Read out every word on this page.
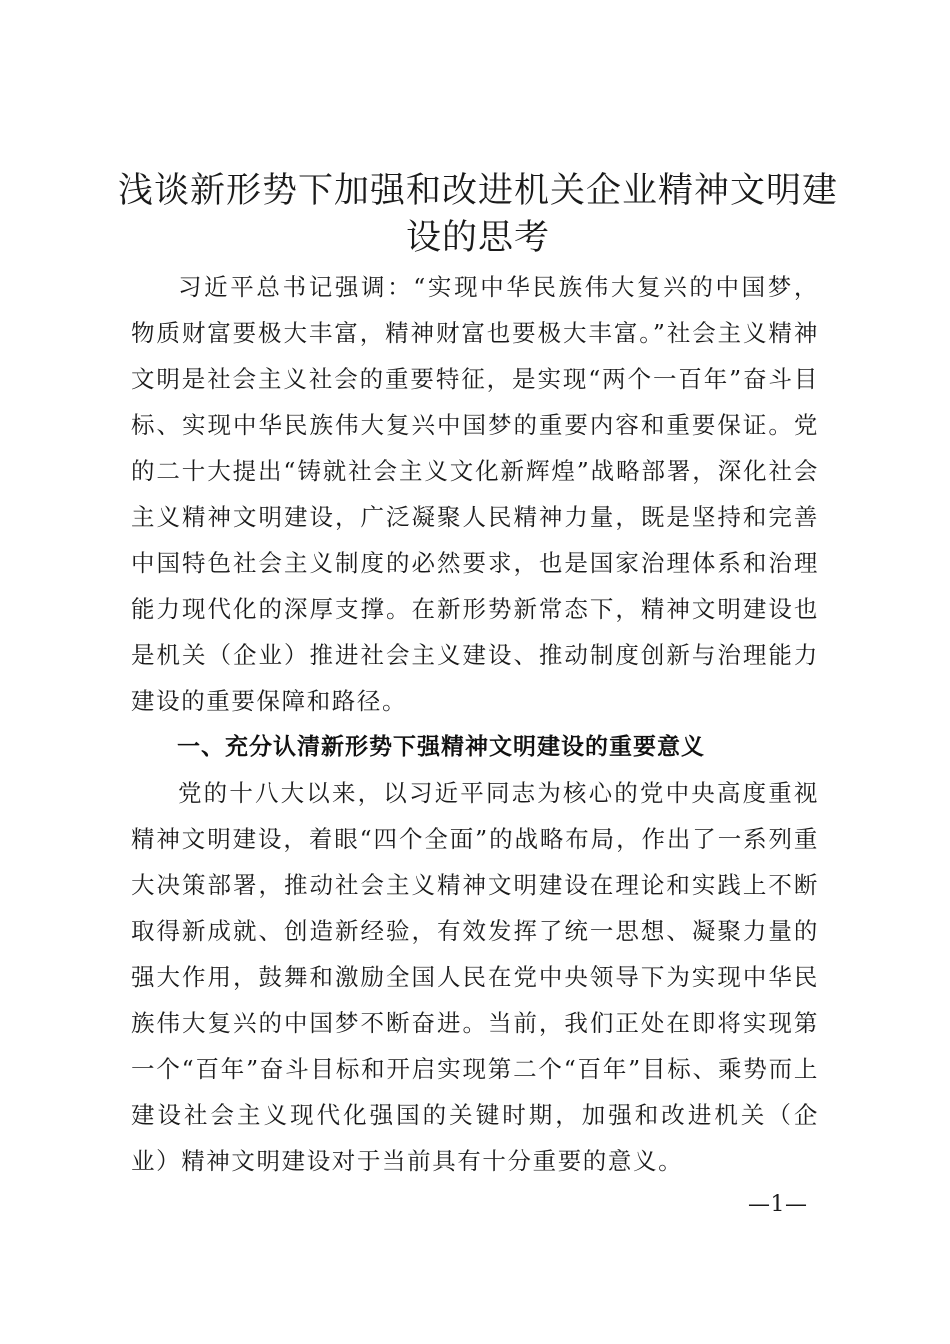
浅谈新形势下加强和改进机关企业精神文明建设的思考

习近平总书记强调：“实现中华民族伟大复兴的中国梦，物质财富要极大丰富，精神财富也要极大丰富。”社会主义精神文明是社会主义社会的重要特征，是实现“两个一百年”奋斗目标、实现中华民族伟大复兴中国梦的重要内容和重要保证。党的二十大提出“铸就社会主义文化新辉煌”战略部署，深化社会主义精神文明建设，广泛凝聚人民精神力量，既是坚持和完善中国特色社会主义制度的必然要求，也是国家治理体系和治理能力现代化的深厚支撑。在新形势新常态下，精神文明建设也是机关（企业）推进社会主义建设、推动制度创新与治理能力建设的重要保障和路径。

一、充分认清新形势下强精神文明建设的重要意义

党的十八大以来，以习近平同志为核心的党中央高度重视精神文明建设，着眼“四个全面”的战略布局，作出了一系列重大决策部署，推动社会主义精神文明建设在理论和实践上不断取得新成就、创造新经验，有效发挥了统一思想、凝聚力量的强大作用，鼓舞和激励全国人民在党中央领导下为实现中华民族伟大复兴的中国梦不断奋进。当前，我们正处在即将实现第一个“百年”奋斗目标和开启实现第二个“百年”目标、乘势而上建设社会主义现代化强国的关键时期，加强和改进机关（企业）精神文明建设对于当前具有十分重要的意义。

—1—
